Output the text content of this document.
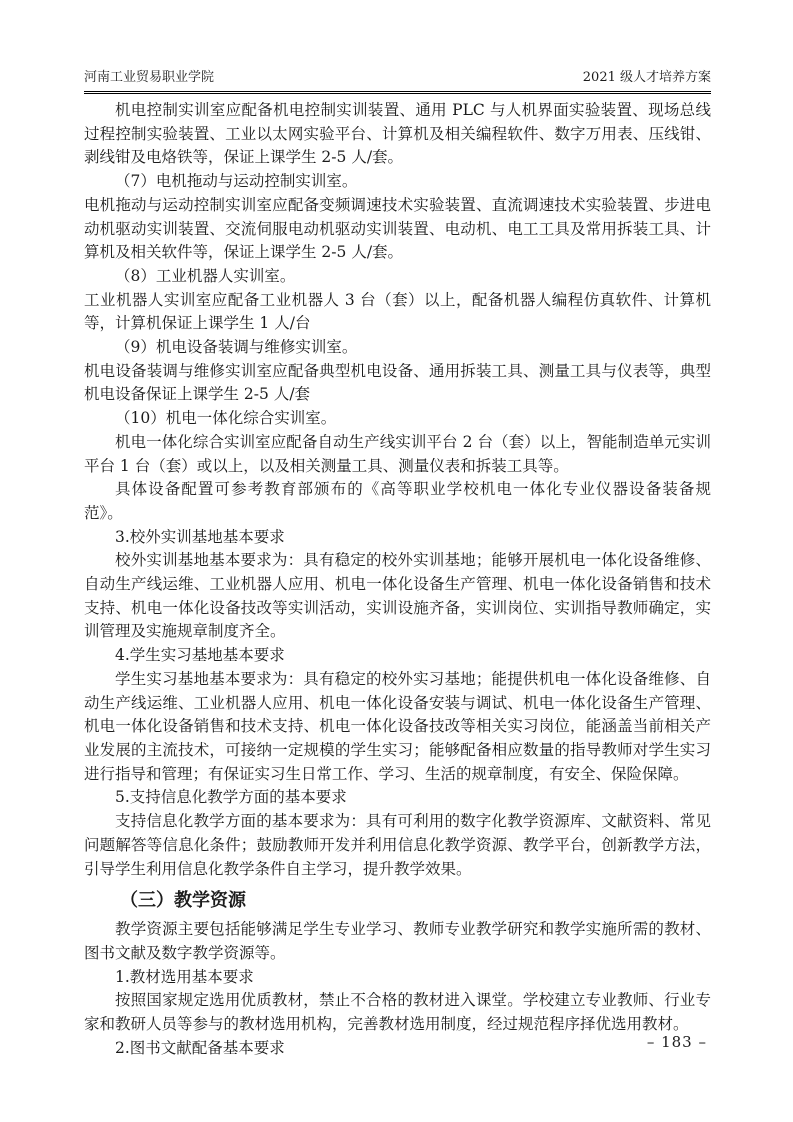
河南工业贸易职业学院	2021 级人才培养方案

机电控制实训室应配备机电控制实训装置、通用 PLC 与人机界面实验装置、现场总线过程控制实验装置、工业以太网实验平台、计算机及相关编程软件、数字万用表、压线钳、剥线钳及电烙铁等，保证上课学生 2-5 人/套。

（7）电机拖动与运动控制实训室。

电机拖动与运动控制实训室应配备变频调速技术实验装置、直流调速技术实验装置、步进电动机驱动实训装置、交流伺服电动机驱动实训装置、电动机、电工工具及常用拆装工具、计算机及相关软件等，保证上课学生 2-5 人/套。

（8）工业机器人实训室。

工业机器人实训室应配备工业机器人 3 台（套）以上，配备机器人编程仿真软件、计算机等，计算机保证上课学生 1 人/台

（9）机电设备装调与维修实训室。

机电设备装调与维修实训室应配备典型机电设备、通用拆装工具、测量工具与仪表等，典型机电设备保证上课学生 2-5 人/套

（10）机电一体化综合实训室。

机电一体化综合实训室应配备自动生产线实训平台 2 台（套）以上，智能制造单元实训平台 1 台（套）或以上，以及相关测量工具、测量仪表和拆装工具等。

具体设备配置可参考教育部颁布的《高等职业学校机电一体化专业仪器设备装备规范》。

3.校外实训基地基本要求

校外实训基地基本要求为：具有稳定的校外实训基地；能够开展机电一体化设备维修、自动生产线运维、工业机器人应用、机电一体化设备生产管理、机电一体化设备销售和技术支持、机电一体化设备技改等实训活动，实训设施齐备，实训岗位、实训指导教师确定，实训管理及实施规章制度齐全。

4.学生实习基地基本要求

学生实习基地基本要求为：具有稳定的校外实习基地；能提供机电一体化设备维修、自动生产线运维、工业机器人应用、机电一体化设备安装与调试、机电一体化设备生产管理、机电一体化设备销售和技术支持、机电一体化设备技改等相关实习岗位，能涵盖当前相关产业发展的主流技术，可接纳一定规模的学生实习；能够配备相应数量的指导教师对学生实习进行指导和管理；有保证实习生日常工作、学习、生活的规章制度，有安全、保险保障。

5.支持信息化教学方面的基本要求

支持信息化教学方面的基本要求为：具有可利用的数字化教学资源库、文献资料、常见问题解答等信息化条件；鼓励教师开发并利用信息化教学资源、教学平台，创新教学方法，引导学生利用信息化教学条件自主学习，提升教学效果。

（三）教学资源

教学资源主要包括能够满足学生专业学习、教师专业教学研究和教学实施所需的教材、图书文献及数字教学资源等。

1.教材选用基本要求

按照国家规定选用优质教材，禁止不合格的教材进入课堂。学校建立专业教师、行业专家和教研人员等参与的教材选用机构，完善教材选用制度，经过规范程序择优选用教材。

2.图书文献配备基本要求	– 183 –
